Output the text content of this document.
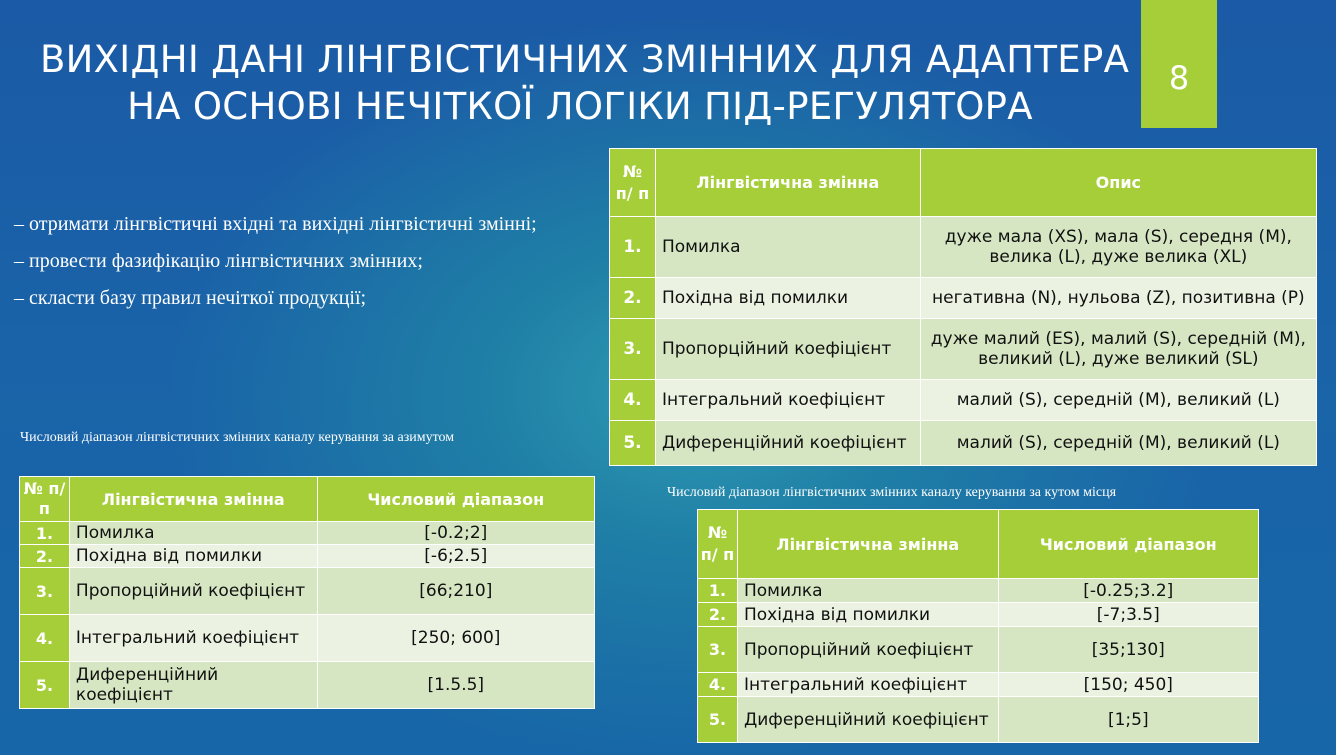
ВИХІДНІ ДАНІ ЛІНГВІСТИЧНИХ ЗМІННИХ ДЛЯ АДАПТЕРА
НА ОСНОВІ НЕЧІТКОЇ ЛОГІКИ ПІД-РЕГУЛЯТОРА
8
– отримати лінгвістичні вхідні та вихідні лінгвістичні змінні;
– провести фазифікацію лінгвістичних змінних;
– скласти базу правил нечіткої продукції;
№ п/ п	Лінгвістична змінна	Опис
1.	Помилка	дуже мала (XS), мала (S), середня (M), велика (L), дуже велика (XL)
2.	Похідна від помилки	негативна (N), нульова (Z), позитивна (P)
3.	Пропорційний коефіцієнт	дуже малий (ES), малий (S), середній (M), великий (L), дуже великий (SL)
4.	Інтегральний коефіцієнт	малий (S), середній (M), великий (L)
5.	Диференційний коефіцієнт	малий (S), середній (M), великий (L)
Числовий діапазон лінгвістичних змінних каналу керування за азимутом
№ п/п	Лінгвістична змінна	Числовий діапазон
1.	Помилка	[-0.2;2]
2.	Похідна від помилки	[-6;2.5]
3.	Пропорційний коефіцієнт	[66;210]
4.	Інтегральний коефіцієнт	[250; 600]
5.	Диференційний коефіцієнт	[1.5.5]
Числовий діапазон лінгвістичних змінних каналу керування за кутом місця
№ п/ п	Лінгвістична змінна	Числовий діапазон
1.	Помилка	[-0.25;3.2]
2.	Похідна від помилки	[-7;3.5]
3.	Пропорційний коефіцієнт	[35;130]
4.	Інтегральний коефіцієнт	[150; 450]
5.	Диференційний коефіцієнт	[1;5]
